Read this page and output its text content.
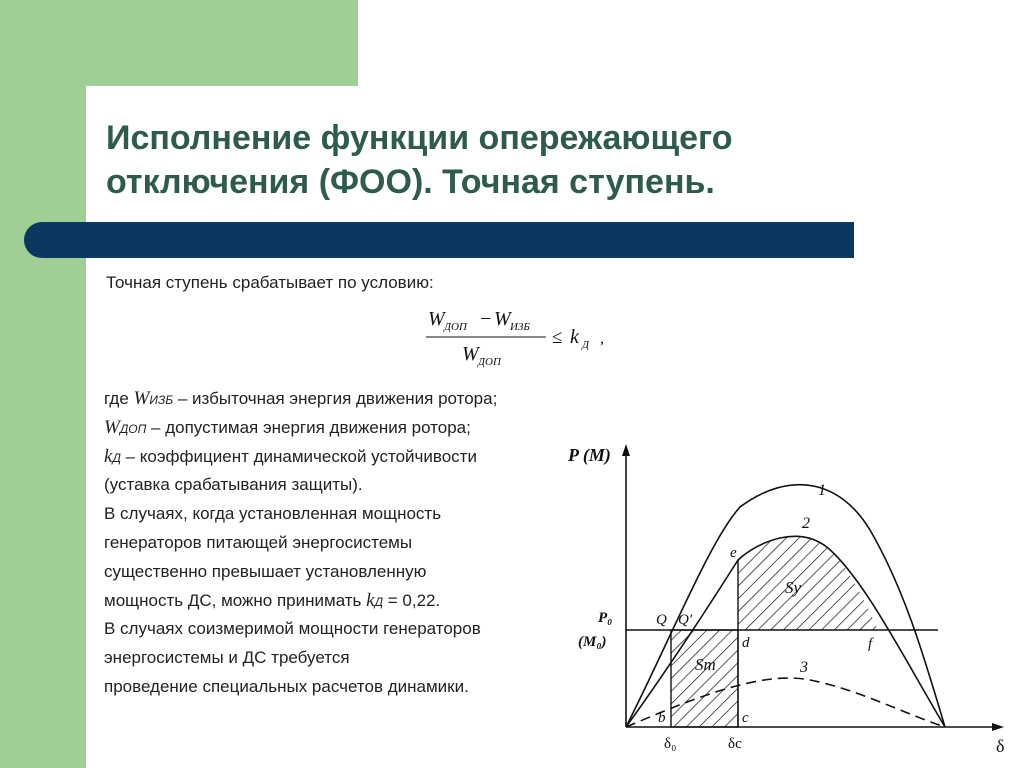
Исполнение функции опережающего
отключения (ФОО). Точная ступень.
Точная ступень срабатывает по условию:
W ДОП − W ИЗБ
W ДОП
≤ k Д ,
где WИЗБ – избыточная энергия движения ротора;
WДОП – допустимая энергия движения ротора;
kД – коэффициент динамической устойчивости
(уставка срабатывания защиты).
В случаях, когда установленная мощность
генераторов питающей энергосистемы
существенно превышает установленную
мощность ДС, можно принимать kД = 0,22.
В случаях соизмеримой мощности генераторов
энергосистемы и ДС требуется
проведение специальных расчетов динамики.
P (M)
δ
P₀
(M₀)
1
2
3
Q Q′
e
d	f
b	c
Sу
Sт
δ₀	δc
